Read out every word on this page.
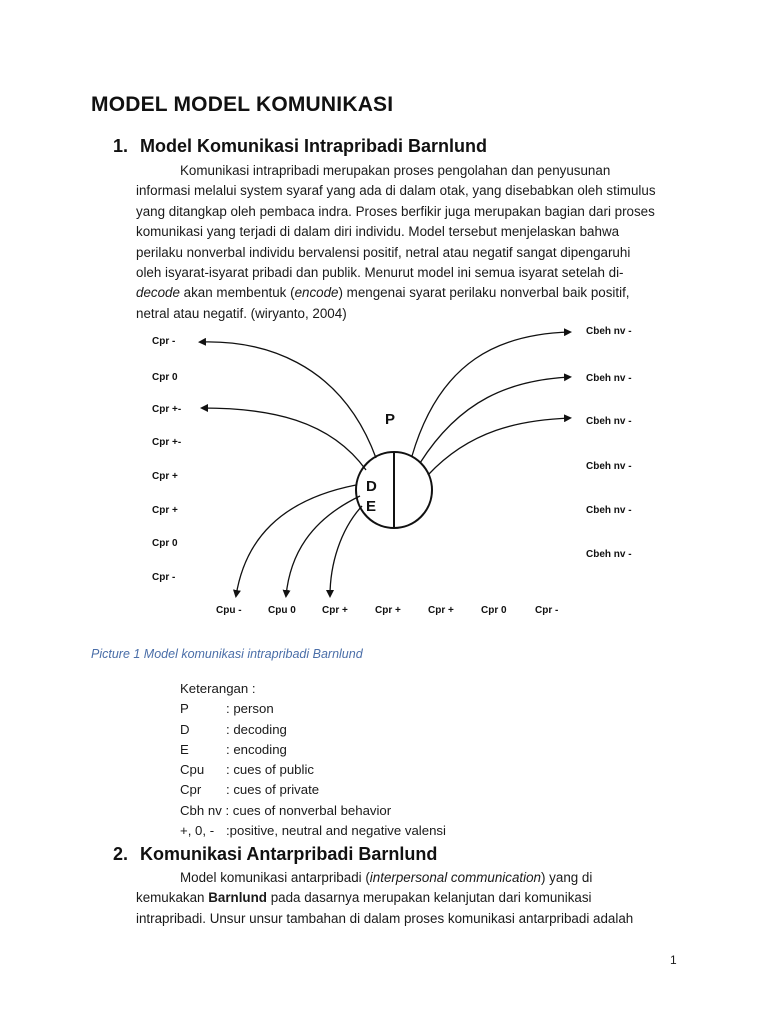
MODEL MODEL KOMUNIKASI
1. Model Komunikasi Intrapribadi Barnlund
Komunikasi intrapribadi merupakan proses pengolahan dan penyusunan
informasi melalui system syaraf yang ada di dalam otak, yang disebabkan oleh stimulus
yang ditangkap oleh pembaca indra. Proses berfikir juga merupakan bagian dari proses
komunikasi yang terjadi di dalam diri individu. Model tersebut menjelaskan bahwa
perilaku nonverbal individu bervalensi positif, netral atau negatif sangat dipengaruhi
oleh isyarat-isyarat pribadi dan publik. Menurut model ini semua isyarat setelah di-
decode akan membentuk (encode) mengenai syarat perilaku nonverbal baik positif,
netral atau negatif. (wiryanto, 2004)
P
D
E
Cpr -
Cpr 0
Cpr +-
Cpr +-
Cpr +
Cpr +
Cpr 0
Cpr -
Cbeh nv -
Cbeh nv -
Cbeh nv -
Cbeh nv -
Cbeh nv -
Cbeh nv -
Cpu -	Cpu 0	Cpr +	Cpr +	Cpr +	Cpr 0	Cpr -
Picture 1 Model komunikasi intrapribadi Barnlund
Keterangan :
P	: person
D	: decoding
E	: encoding
Cpu : cues of public
Cpr : cues of private
Cbh nv : cues of nonverbal behavior
+, 0, - :positive, neutral and negative valensi
2. Komunikasi Antarpribadi Barnlund
Model komunikasi antarpribadi (interpersonal communication) yang di
kemukakan Barnlund pada dasarnya merupakan kelanjutan dari komunikasi
intrapribadi. Unsur unsur tambahan di dalam proses komunikasi antarpribadi adalah
1
